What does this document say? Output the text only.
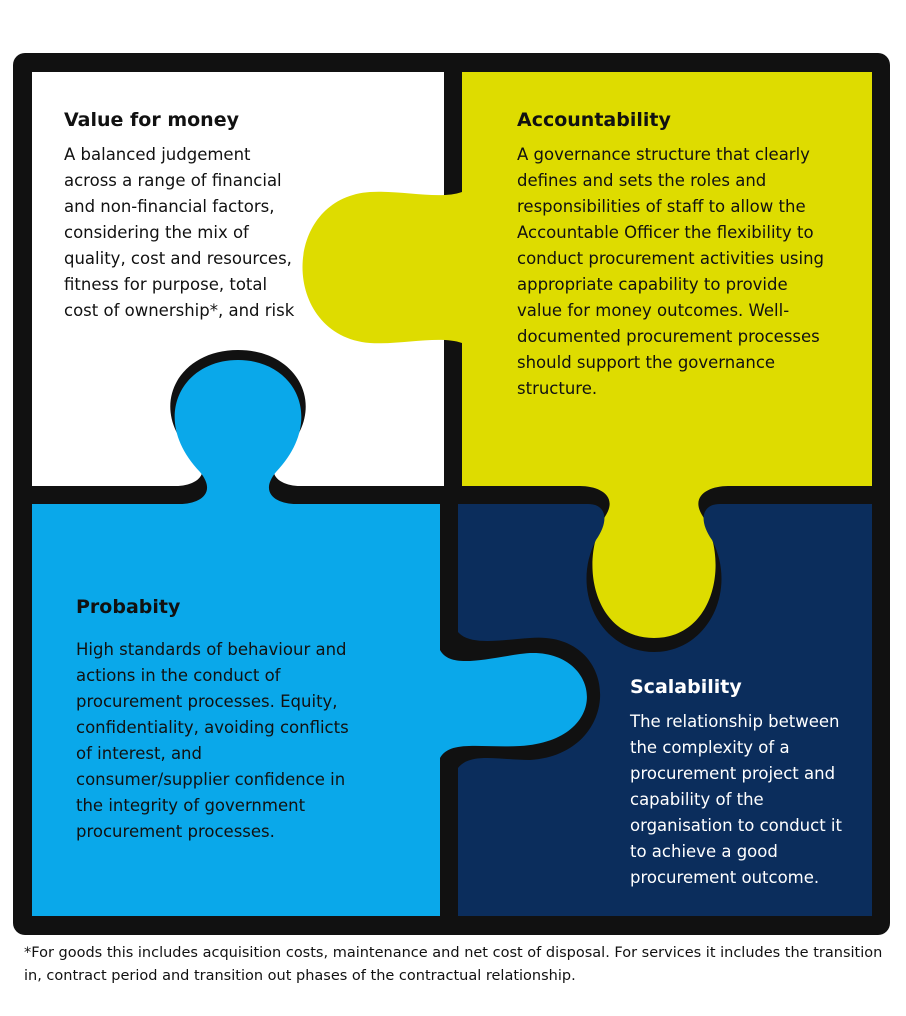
Value for money

A balanced judgement
across a range of financial
and non-financial factors,
considering the mix of
quality, cost and resources,
fitness for purpose, total
cost of ownership*, and risk

Accountability

A governance structure that clearly
defines and sets the roles and
responsibilities of staff to allow the
Accountable Officer the flexibility to
conduct procurement activities using
appropriate capability to provide
value for money outcomes. Well-
documented procurement processes
should support the governance
structure.

Probabity

High standards of behaviour and
actions in the conduct of
procurement processes. Equity,
confidentiality, avoiding conflicts
of interest, and
consumer/supplier confidence in
the integrity of government
procurement processes.

Scalability

The relationship between
the complexity of a
procurement project and
capability of the
organisation to conduct it
to achieve a good
procurement outcome.

*For goods this includes acquisition costs, maintenance and net cost of disposal. For services it includes the transition in, contract period and transition out phases of the contractual relationship.
